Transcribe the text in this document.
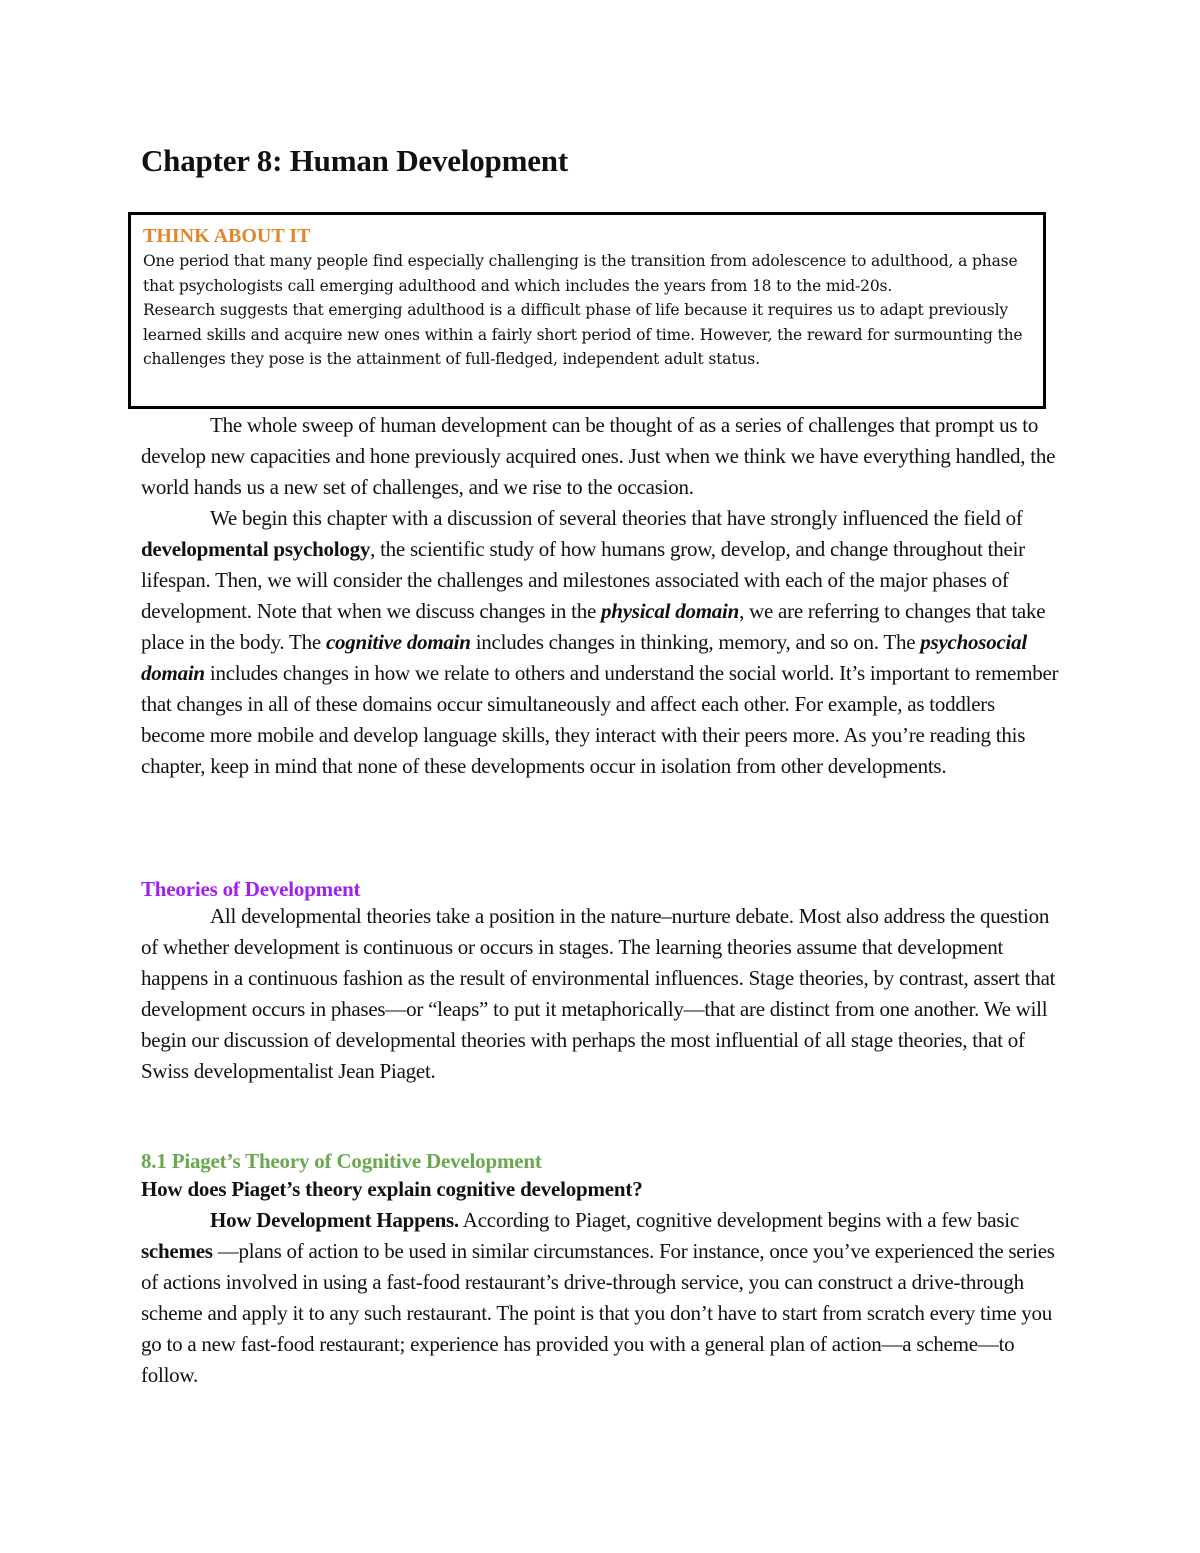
Chapter 8: Human Development

THINK ABOUT IT

One period that many people find especially challenging is the transition from adolescence to adulthood, a phase that psychologists call emerging adulthood and which includes the years from 18 to the mid-20s.

Research suggests that emerging adulthood is a difficult phase of life because it requires us to adapt previously learned skills and acquire new ones within a fairly short period of time. However, the reward for surmounting the challenges they pose is the attainment of full-fledged, independent adult status.

The whole sweep of human development can be thought of as a series of challenges that prompt us to develop new capacities and hone previously acquired ones. Just when we think we have everything handled, the world hands us a new set of challenges, and we rise to the occasion.

We begin this chapter with a discussion of several theories that have strongly influenced the field of developmental psychology, the scientific study of how humans grow, develop, and change throughout their lifespan. Then, we will consider the challenges and milestones associated with each of the major phases of development. Note that when we discuss changes in the physical domain, we are referring to changes that take place in the body. The cognitive domain includes changes in thinking, memory, and so on. The psychosocial domain includes changes in how we relate to others and understand the social world. It’s important to remember that changes in all of these domains occur simultaneously and affect each other. For example, as toddlers become more mobile and develop language skills, they interact with their peers more. As you’re reading this chapter, keep in mind that none of these developments occur in isolation from other developments.

Theories of Development

All developmental theories take a position in the nature–nurture debate. Most also address the question of whether development is continuous or occurs in stages. The learning theories assume that development happens in a continuous fashion as the result of environmental influences. Stage theories, by contrast, assert that development occurs in phases—or “leaps” to put it metaphorically—that are distinct from one another. We will begin our discussion of developmental theories with perhaps the most influential of all stage theories, that of Swiss developmentalist Jean Piaget.

8.1 Piaget’s Theory of Cognitive Development

How does Piaget’s theory explain cognitive development?

How Development Happens. According to Piaget, cognitive development begins with a few basic schemes —plans of action to be used in similar circumstances. For instance, once you’ve experienced the series of actions involved in using a fast-food restaurant’s drive-through service, you can construct a drive-through scheme and apply it to any such restaurant. The point is that you don’t have to start from scratch every time you go to a new fast-food restaurant; experience has provided you with a general plan of action—a scheme—to follow.
